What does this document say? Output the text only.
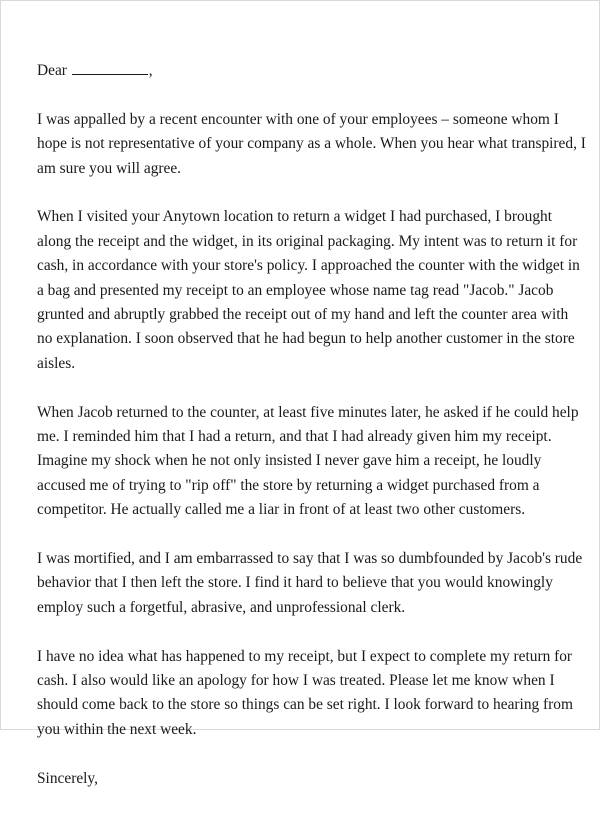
Dear	,

I was appalled by a recent encounter with one of your employees – someone whom I
hope is not representative of your company as a whole. When you hear what transpired, I
am sure you will agree.

When I visited your Anytown location to return a widget I had purchased, I brought
along the receipt and the widget, in its original packaging. My intent was to return it for
cash, in accordance with your store's policy. I approached the counter with the widget in
a bag and presented my receipt to an employee whose name tag read "Jacob." Jacob
grunted and abruptly grabbed the receipt out of my hand and left the counter area with
no explanation. I soon observed that he had begun to help another customer in the store
aisles.

When Jacob returned to the counter, at least five minutes later, he asked if he could help
me. I reminded him that I had a return, and that I had already given him my receipt.
Imagine my shock when he not only insisted I never gave him a receipt, he loudly
accused me of trying to "rip off" the store by returning a widget purchased from a
competitor. He actually called me a liar in front of at least two other customers.

I was mortified, and I am embarrassed to say that I was so dumbfounded by Jacob's rude
behavior that I then left the store. I find it hard to believe that you would knowingly
employ such a forgetful, abrasive, and unprofessional clerk.

I have no idea what has happened to my receipt, but I expect to complete my return for
cash. I also would like an apology for how I was treated. Please let me know when I
should come back to the store so things can be set right. I look forward to hearing from
you within the next week.

Sincerely,
